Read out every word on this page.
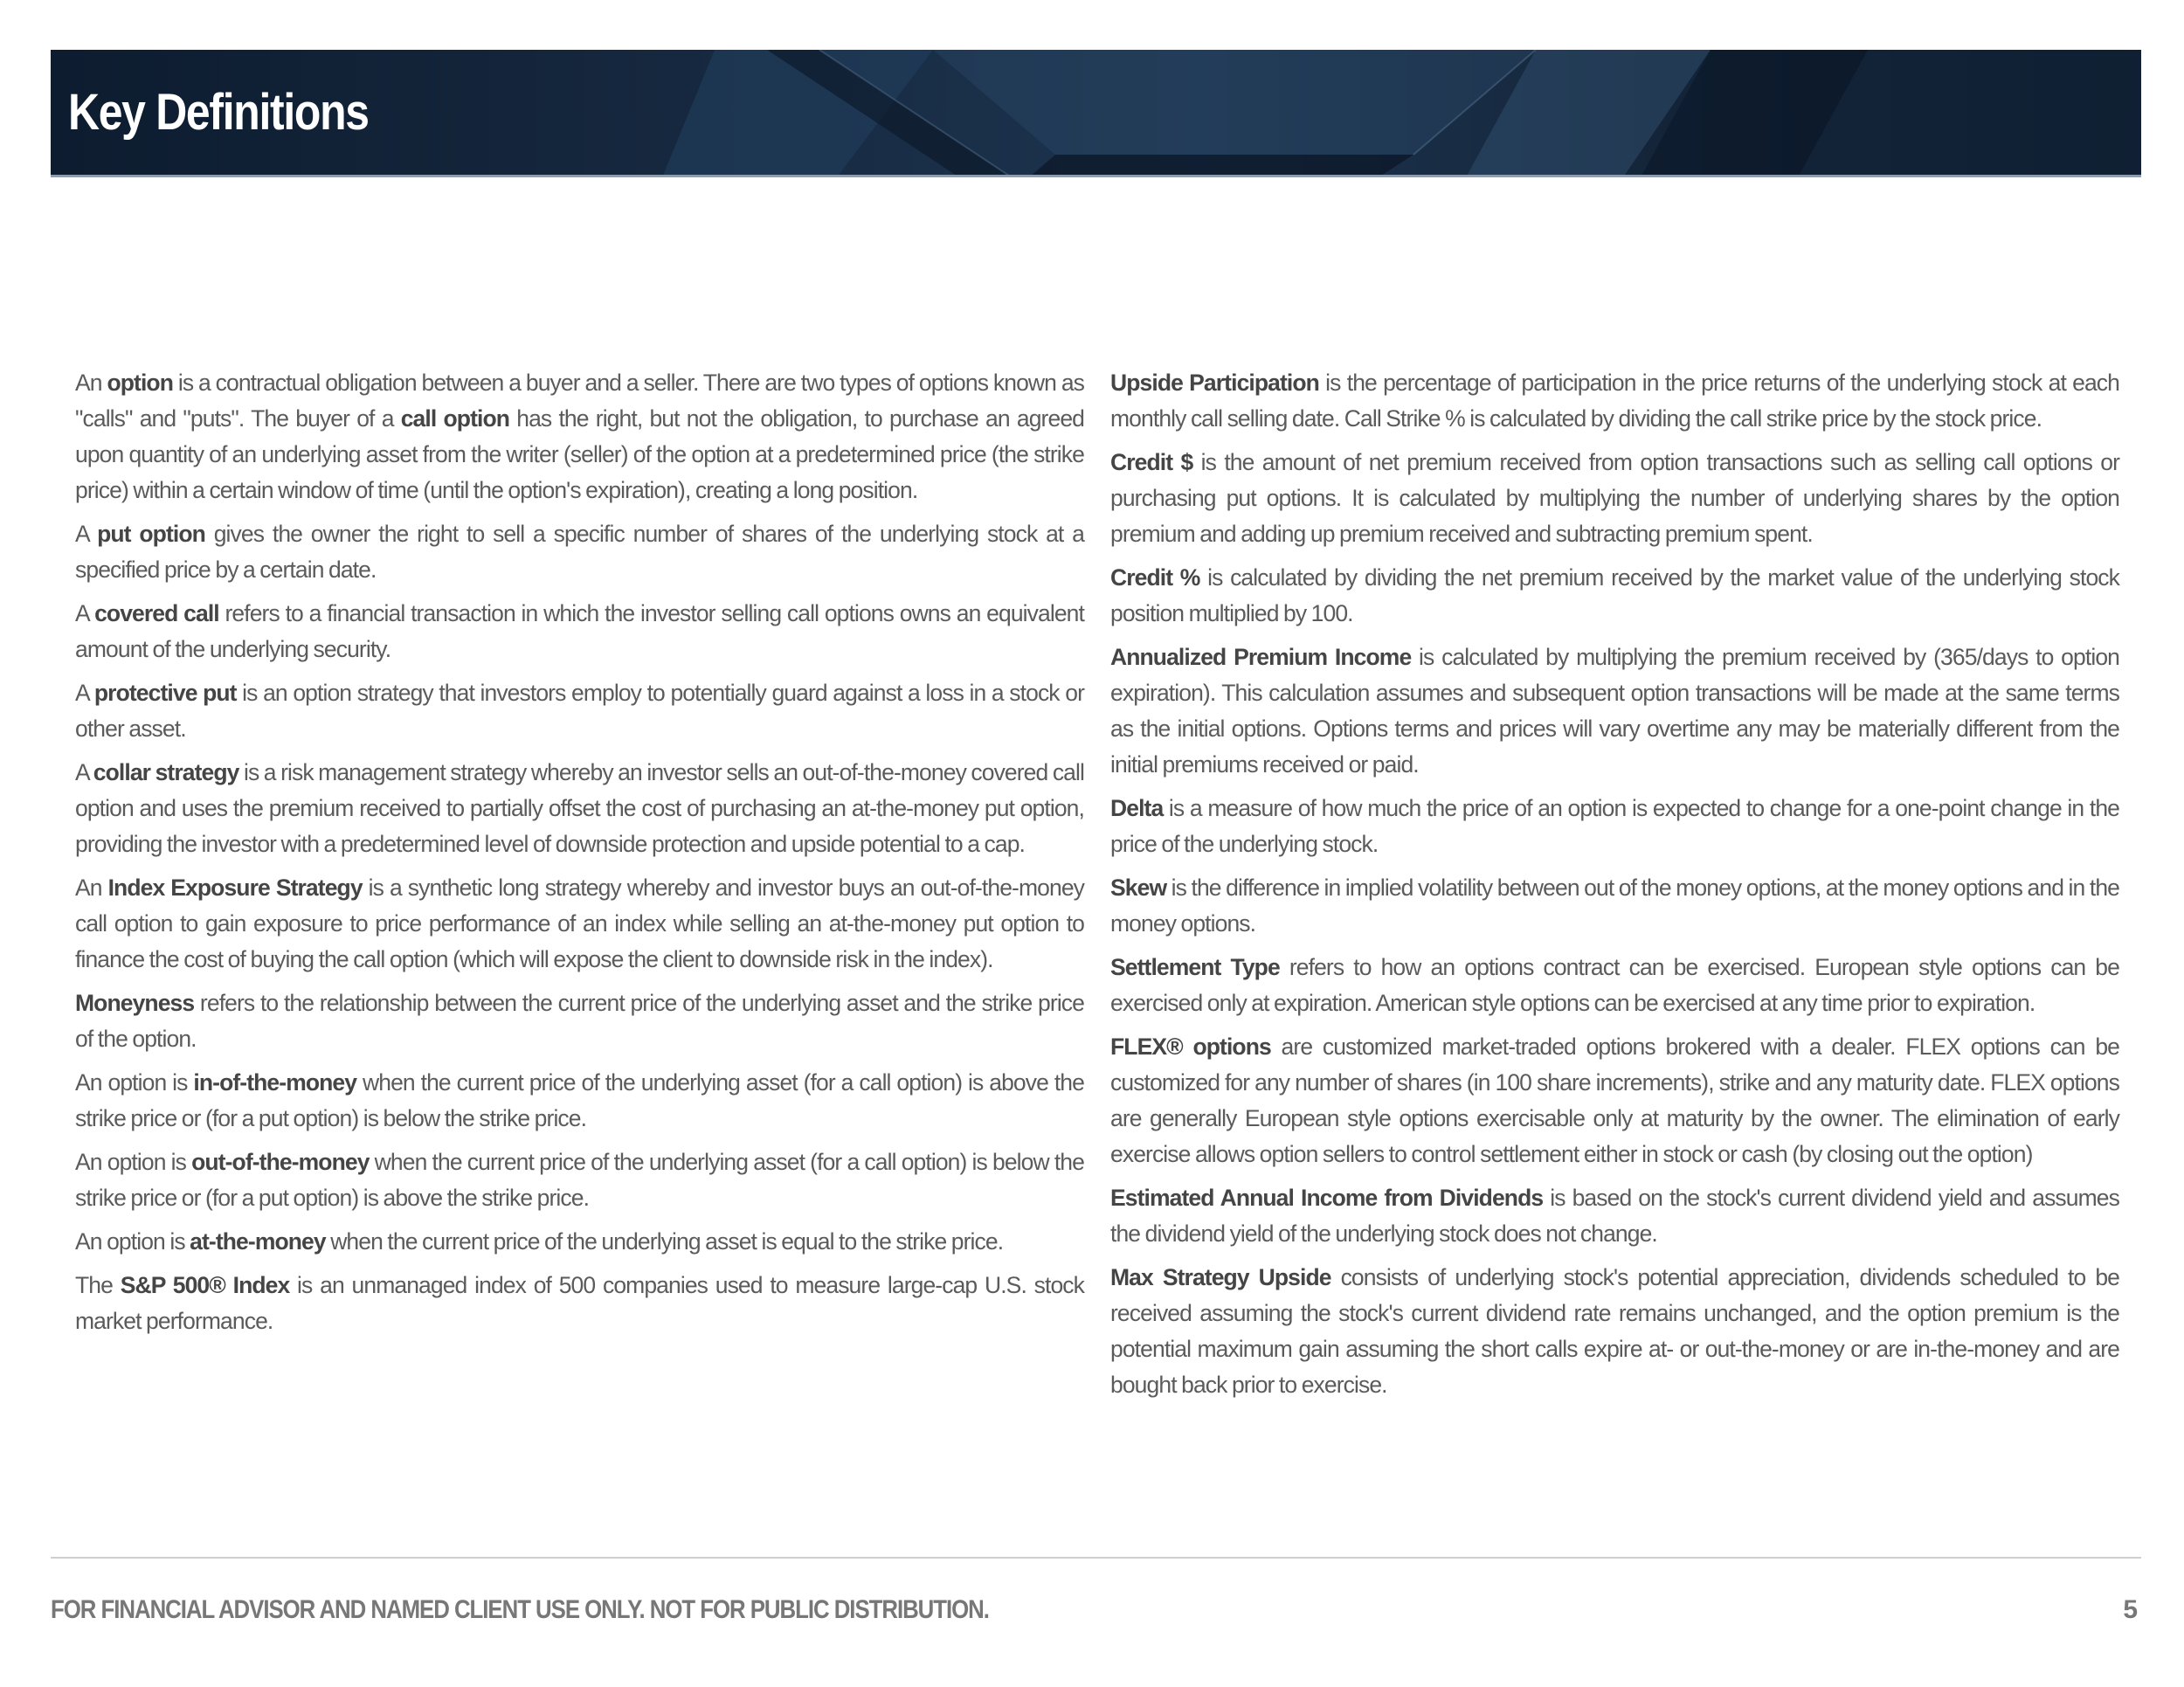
Key Definitions

An option is a contractual obligation between a buyer and a seller. There are two types of options known as "calls" and "puts". The buyer of a call option has the right, but not the obligation, to purchase an agreed upon quantity of an underlying asset from the writer (seller) of the option at a predetermined price (the strike price) within a certain window of time (until the option's expiration), creating a long position.

A put option gives the owner the right to sell a specific number of shares of the underlying stock at a specified price by a certain date.

A covered call refers to a financial transaction in which the investor selling call options owns an equivalent amount of the underlying security.

A protective put is an option strategy that investors employ to potentially guard against a loss in a stock or other asset.

A collar strategy is a risk management strategy whereby an investor sells an out-of-the-money covered call option and uses the premium received to partially offset the cost of purchasing an at-the-money put option, providing the investor with a predetermined level of downside protection and upside potential to a cap.

An Index Exposure Strategy is a synthetic long strategy whereby and investor buys an out-of-the-money call option to gain exposure to price performance of an index while selling an at-the-money put option to finance the cost of buying the call option (which will expose the client to downside risk in the index).

Moneyness refers to the relationship between the current price of the underlying asset and the strike price of the option.

An option is in-of-the-money when the current price of the underlying asset (for a call option) is above the strike price or (for a put option) is below the strike price.

An option is out-of-the-money when the current price of the underlying asset (for a call option) is below the strike price or (for a put option) is above the strike price.

An option is at-the-money when the current price of the underlying asset is equal to the strike price.

The S&P 500® Index is an unmanaged index of 500 companies used to measure large-cap U.S. stock market performance.

Upside Participation is the percentage of participation in the price returns of the underlying stock at each monthly call selling date. Call Strike % is calculated by dividing the call strike price by the stock price.

Credit $ is the amount of net premium received from option transactions such as selling call options or purchasing put options. It is calculated by multiplying the number of underlying shares by the option premium and adding up premium received and subtracting premium spent.

Credit % is calculated by dividing the net premium received by the market value of the underlying stock position multiplied by 100.

Annualized Premium Income is calculated by multiplying the premium received by (365/days to option expiration). This calculation assumes and subsequent option transactions will be made at the same terms as the initial options. Options terms and prices will vary overtime any may be materially different from the initial premiums received or paid.

Delta is a measure of how much the price of an option is expected to change for a one-point change in the price of the underlying stock.

Skew is the difference in implied volatility between out of the money options, at the money options and in the money options.

Settlement Type refers to how an options contract can be exercised. European style options can be exercised only at expiration. American style options can be exercised at any time prior to expiration.

FLEX® options are customized market-traded options brokered with a dealer. FLEX options can be customized for any number of shares (in 100 share increments), strike and any maturity date. FLEX options are generally European style options exercisable only at maturity by the owner. The elimination of early exercise allows option sellers to control settlement either in stock or cash (by closing out the option)

Estimated Annual Income from Dividends is based on the stock's current dividend yield and assumes the dividend yield of the underlying stock does not change.

Max Strategy Upside consists of underlying stock's potential appreciation, dividends scheduled to be received assuming the stock's current dividend rate remains unchanged, and the option premium is the potential maximum gain assuming the short calls expire at- or out-the-money or are in-the-money and are bought back prior to exercise.

FOR FINANCIAL ADVISOR AND NAMED CLIENT USE ONLY. NOT FOR PUBLIC DISTRIBUTION.	5
